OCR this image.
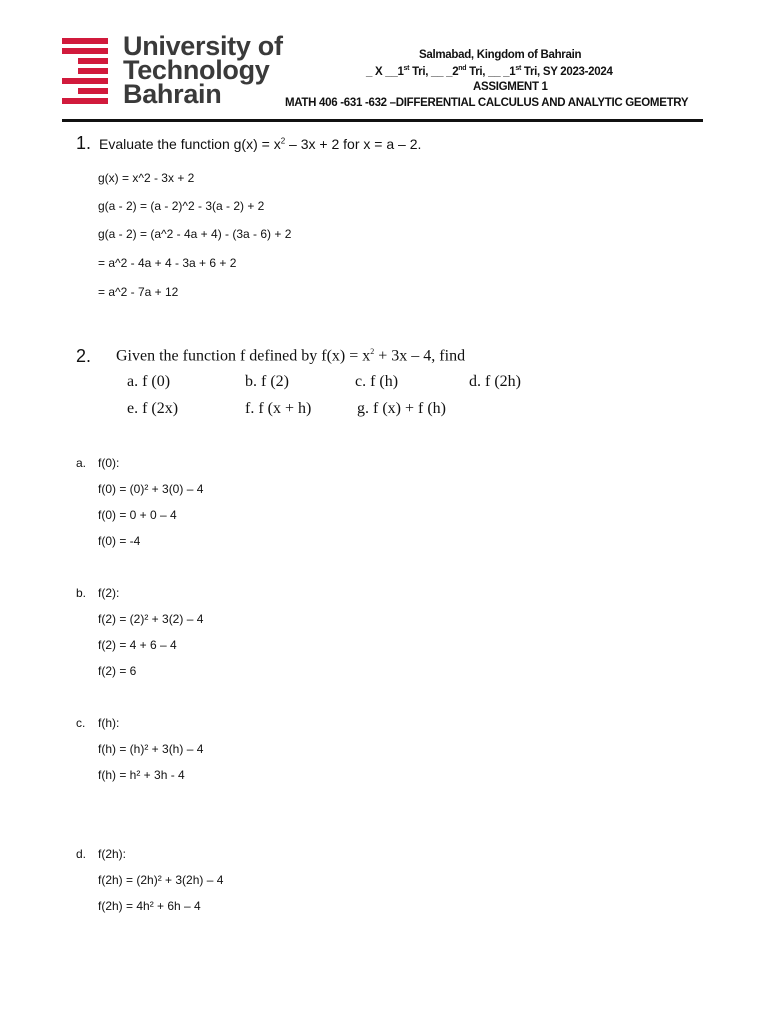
University of
Technology
Bahrain
Salmabad, Kingdom of Bahrain
_ X __1st Tri, __ _2nd Tri, __ _1st Tri, SY 2023-2024
ASSIGMENT 1
MATH 406 -631 -632 –DIFFERENTIAL CALCULUS AND ANALYTIC GEOMETRY
1. Evaluate the function $g(x) = x^2 - 3x + 2$ for x = a – 2.
g(x) = x^2 - 3x + 2
g(a - 2) = (a - 2)^2 - 3(a - 2) + 2
g(a - 2) = (a^2 - 4a + 4) - (3a - 6) + 2
= a^2 - 4a + 4 - 3a + 6 + 2
= a^2 - 7a + 12
2. Given the function f defined by $f(x) = x^2 + 3x - 4$, find
a. f (0)	b. f (2)	c. f (h)	d. f (2h)
e. f (2x)	f. f (x + h)	g. f (x) + f (h)
a. f(0):
f(0) = (0)² + 3(0) – 4
f(0) = 0 + 0 – 4
f(0) = -4
b. f(2):
f(2) = (2)² + 3(2) – 4
f(2) = 4 + 6 – 4
f(2) = 6
c. f(h):
f(h) = (h)² + 3(h) – 4
f(h) = h² + 3h - 4
d. f(2h):
f(2h) = (2h)² + 3(2h) – 4
f(2h) = 4h² + 6h – 4
